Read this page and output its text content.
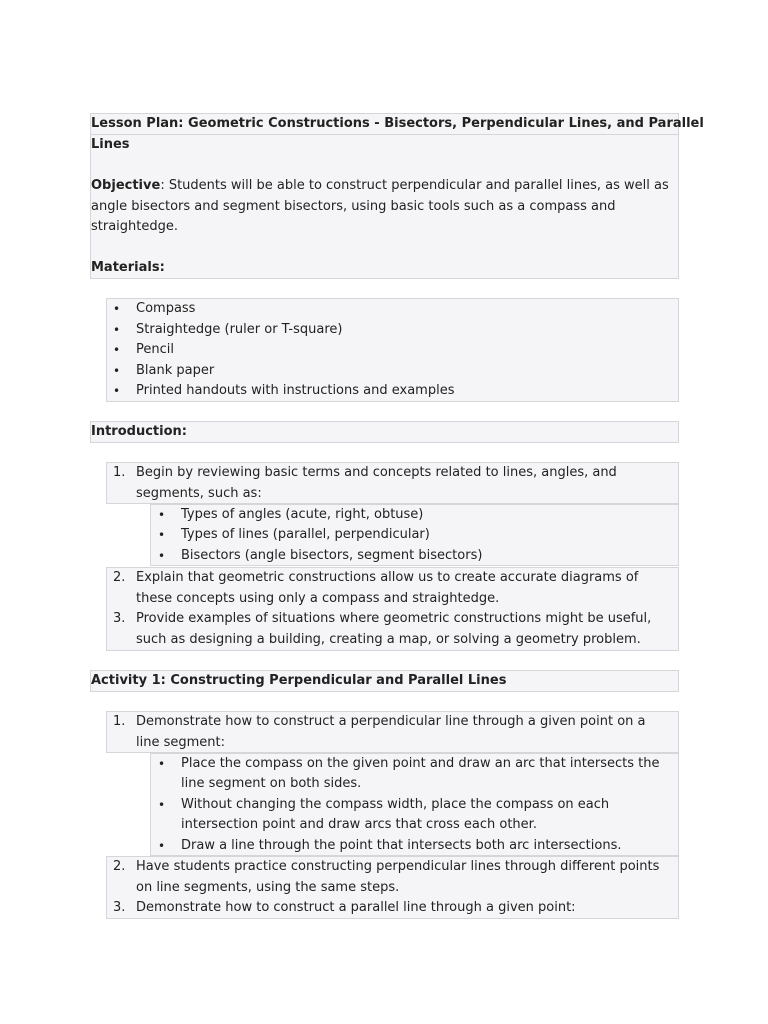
Lesson Plan: Geometric Constructions - Bisectors, Perpendicular Lines, and Parallel
Lines
Objective: Students will be able to construct perpendicular and parallel lines, as well as
angle bisectors and segment bisectors, using basic tools such as a compass and
straightedge.
Materials:
• Compass
• Straightedge (ruler or T-square)
• Pencil
• Blank paper
• Printed handouts with instructions and examples
Introduction:
1. Begin by reviewing basic terms and concepts related to lines, angles, and
segments, such as:
• Types of angles (acute, right, obtuse)
• Types of lines (parallel, perpendicular)
• Bisectors (angle bisectors, segment bisectors)
2. Explain that geometric constructions allow us to create accurate diagrams of
these concepts using only a compass and straightedge.
3. Provide examples of situations where geometric constructions might be useful,
such as designing a building, creating a map, or solving a geometry problem.
Activity 1: Constructing Perpendicular and Parallel Lines
1. Demonstrate how to construct a perpendicular line through a given point on a
line segment:
• Place the compass on the given point and draw an arc that intersects the
line segment on both sides.
• Without changing the compass width, place the compass on each
intersection point and draw arcs that cross each other.
• Draw a line through the point that intersects both arc intersections.
2. Have students practice constructing perpendicular lines through different points
on line segments, using the same steps.
3. Demonstrate how to construct a parallel line through a given point:
